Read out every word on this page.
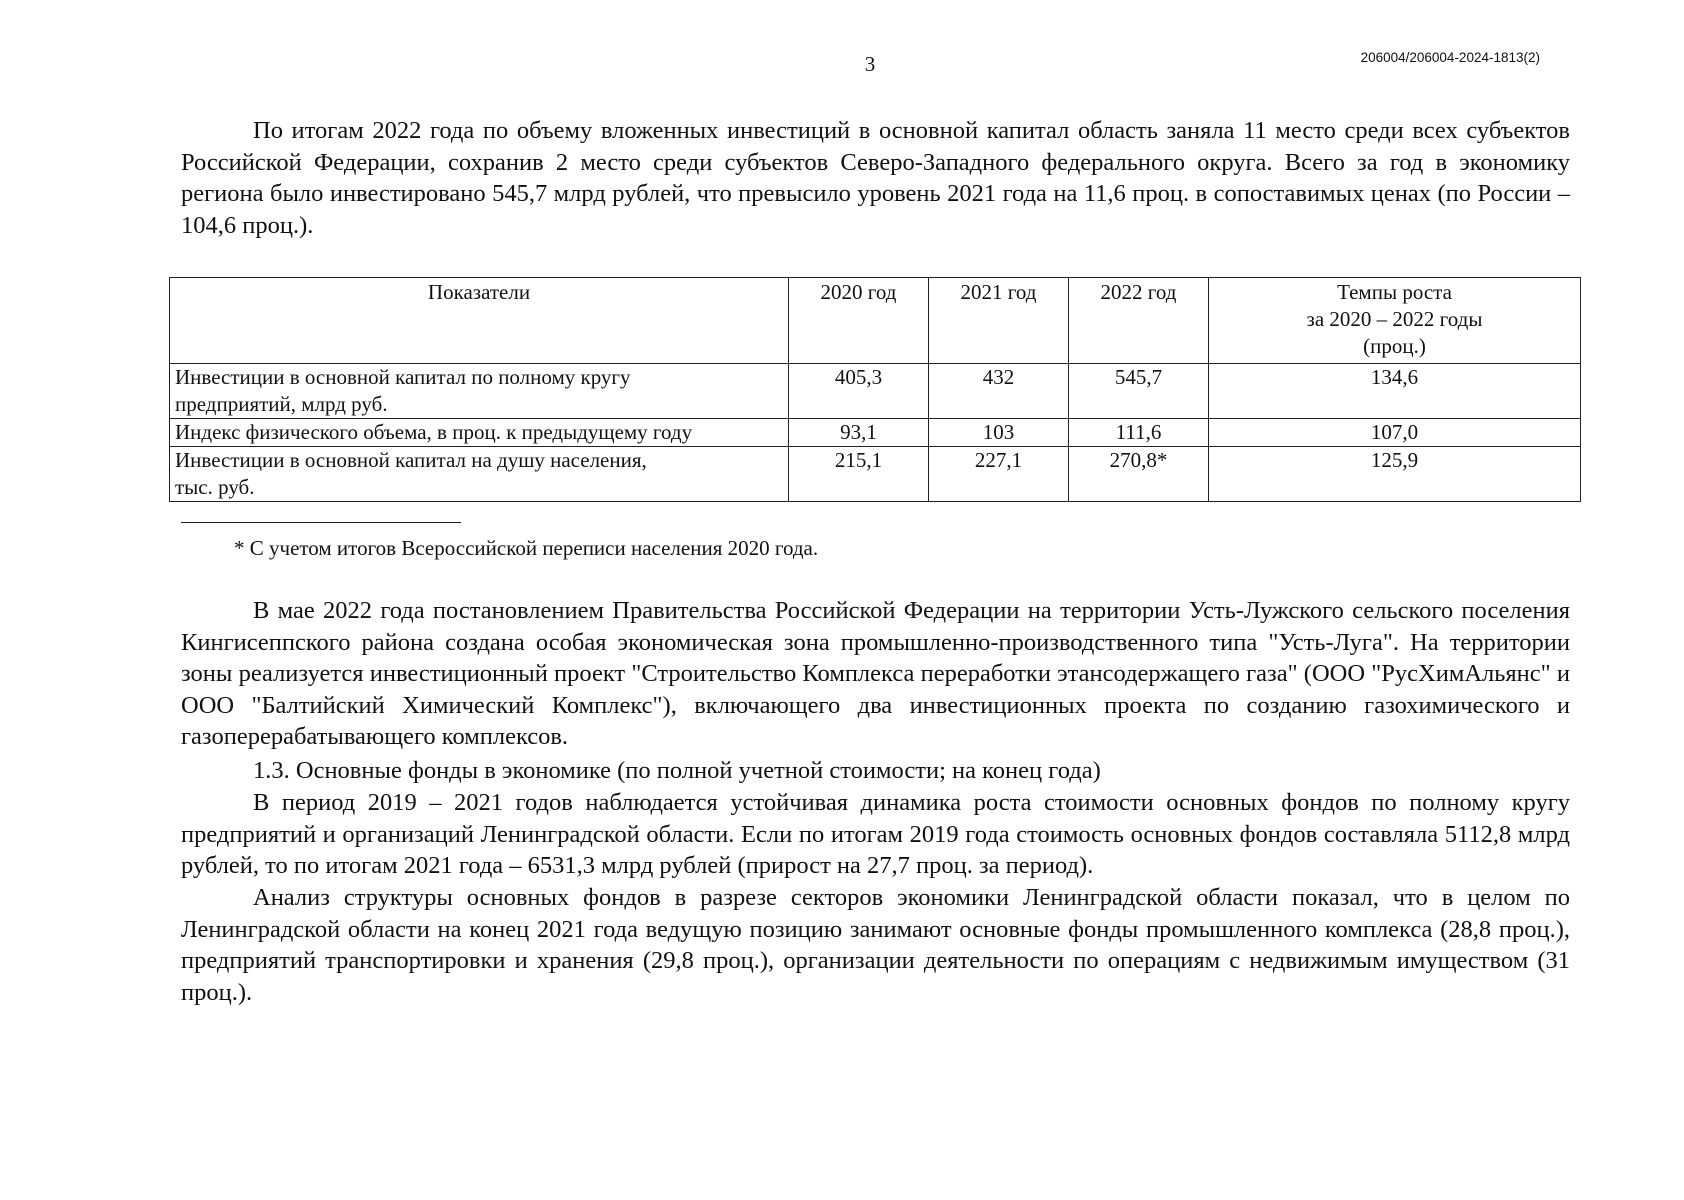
3	206004/206004-2024-1813(2)

По итогам 2022 года по объему вложенных инвестиций в основной капитал область заняла 11 место среди всех субъектов Российской Федерации, сохранив 2 место среди субъектов Северо-Западного федерального округа. Всего за год в экономику региона было инвестировано 545,7 млрд рублей, что превысило уровень 2021 года на 11,6 проц. в сопоставимых ценах (по России – 104,6 проц.).

Показатели	2020 год	2021 год	2022 год	Темпы роста
за 2020 – 2022 годы
(проц.)

Инвестиции в основной капитал по полному кругу
предприятий, млрд руб.	405,3	432	545,7	134,6

Индекс физического объема, в проц. к предыдущему году	93,1	103	111,6	107,0

Инвестиции в основной капитал на душу населения,
тыс. руб.	215,1	227,1	270,8*	125,9
* С учетом итогов Всероссийской переписи населения 2020 года.

В мае 2022 года постановлением Правительства Российской Федерации на территории Усть-Лужского сельского поселения Кингисеппского района создана особая экономическая зона промышленно-производственного типа "Усть-Луга". На территории зоны реализуется инвестиционный проект "Строительство Комплекса переработки этансодержащего газа" (ООО "РусХимАльянс" и ООО "Балтийский Химический Комплекс"), включающего два инвестиционных проекта по созданию газохимического и газоперерабатывающего комплексов.

1.3. Основные фонды в экономике (по полной учетной стоимости; на конец года)

В период 2019 – 2021 годов наблюдается устойчивая динамика роста стоимости основных фондов по полному кругу предприятий и организаций Ленинградской области. Если по итогам 2019 года стоимость основных фондов составляла 5112,8 млрд рублей, то по итогам 2021 года – 6531,3 млрд рублей (прирост на 27,7 проц. за период).

Анализ структуры основных фондов в разрезе секторов экономики Ленинградской области показал, что в целом по Ленинградской области на конец 2021 года ведущую позицию занимают основные фонды промышленного комплекса (28,8 проц.), предприятий транспортировки и хранения (29,8 проц.), организации деятельности по операциям с недвижимым имуществом (31 проц.).
